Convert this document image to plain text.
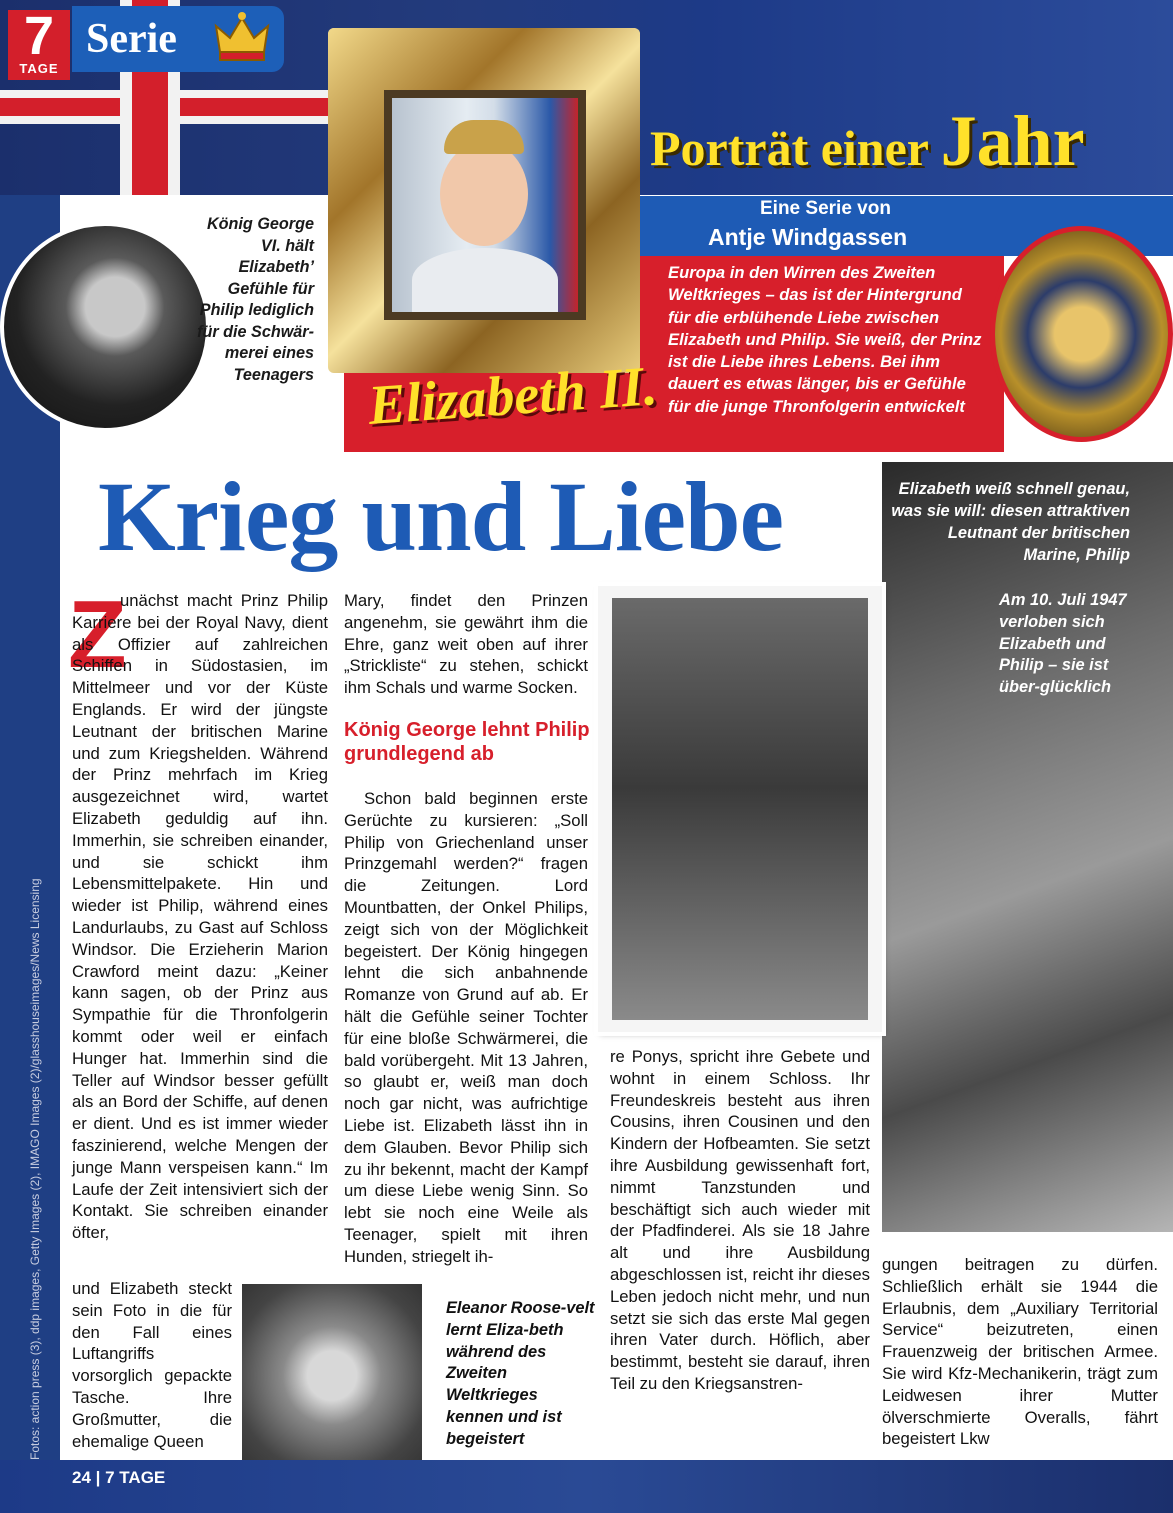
7
TAGE
Serie
Porträt einer Jahr
Eine Serie von
Antje Windgassen
Europa in den Wirren des Zweiten Weltkrieges – das ist der Hintergrund für die erblühende Liebe zwischen Elizabeth und Philip. Sie weiß, der Prinz ist die Liebe ihres Lebens. Bei ihm dauert es etwas länger, bis er Gefühle für die junge Thronfolgerin entwickelt
Elizabeth II.
König George VI. hält Elizabeth’ Gefühle für Philip lediglich für die Schwär-merei eines Teenagers
Elizabeth weiß schnell genau, was sie will: diesen attraktiven Leutnant der britischen Marine, Philip
Krieg und Liebe
Am 10. Juli 1947 verloben sich Elizabeth und Philip – sie ist über-glücklich
Z

unächst macht Prinz Philip Karriere bei der Royal Navy, dient als Offizier auf zahlreichen Schiffen in Südostasien, im Mittelmeer und vor der Küste Englands. Er wird der jüngste Leutnant der britischen Marine und zum Kriegshelden. Während der Prinz mehrfach im Krieg ausgezeichnet wird, wartet Elizabeth geduldig auf ihn. Immerhin, sie schreiben einander, und sie schickt ihm Lebensmittelpakete. Hin und wieder ist Philip, während eines Landurlaubs, zu Gast auf Schloss Windsor. Die Erzieherin Marion Crawford meint dazu: „Keiner kann sagen, ob der Prinz aus Sympathie für die Thronfolgerin kommt oder weil er einfach Hunger hat. Immerhin sind die Teller auf Windsor besser gefüllt als an Bord der Schiffe, auf denen er dient. Und es ist immer wieder faszinierend, welche Mengen der junge Mann verspeisen kann.“ Im Laufe der Zeit intensiviert sich der Kontakt. Sie schreiben einander öfter,

und Elizabeth steckt sein Foto in die für den Fall eines Luftangriffs vorsorglich gepackte Tasche. Ihre Großmutter, die ehemalige Queen

Mary, findet den Prinzen angenehm, sie gewährt ihm die Ehre, ganz weit oben auf ihrer „Strickliste“ zu stehen, schickt ihm Schals und warme Socken.

König George lehnt Philip grundlegend ab

Schon bald beginnen erste Gerüchte zu kursieren: „Soll Philip von Griechenland unser Prinzgemahl werden?“ fragen die Zeitungen. Lord Mountbatten, der Onkel Philips, zeigt sich von der Möglichkeit begeistert. Der König hingegen lehnt die sich anbahnende Romanze von Grund auf ab. Er hält die Gefühle seiner Tochter für eine bloße Schwärmerei, die bald vorübergeht. Mit 13 Jahren, so glaubt er, weiß man doch noch gar nicht, was aufrichtige Liebe ist. Elizabeth lässt ihn in dem Glauben. Bevor Philip sich zu ihr bekennt, macht der Kampf um diese Liebe wenig Sinn. So lebt sie noch eine Weile als Teenager, spielt mit ihren Hunden, striegelt ih-

re Ponys, spricht ihre Gebete und wohnt in einem Schloss. Ihr Freundeskreis besteht aus ihren Cousins, ihren Cousinen und den Kindern der Hofbeamten. Sie setzt ihre Ausbildung gewissenhaft fort, nimmt Tanzstunden und beschäftigt sich auch wieder mit der Pfadfinderei. Als sie 18 Jahre alt und ihre Ausbildung abgeschlossen ist, reicht ihr dieses Leben jedoch nicht mehr, und nun setzt sie sich das erste Mal gegen ihren Vater durch. Höflich, aber bestimmt, besteht sie darauf, ihren Teil zu den Kriegsanstren-

gungen beitragen zu dürfen. Schließlich erhält sie 1944 die Erlaubnis, dem „Auxiliary Territorial Service“ beizutreten, einen Frauenzweig der britischen Armee. Sie wird Kfz-Mechanikerin, trägt zum Leidwesen ihrer Mutter ölverschmierte Overalls, fährt begeistert Lkw

Eleanor Roose-velt lernt Eliza-beth während des Zweiten Weltkrieges kennen und ist begeistert
24 | 7 TAGE
Fotos: action press (3), ddp images, Getty Images (2), IMAGO Images (2)/glasshouseimages/News Licensing
